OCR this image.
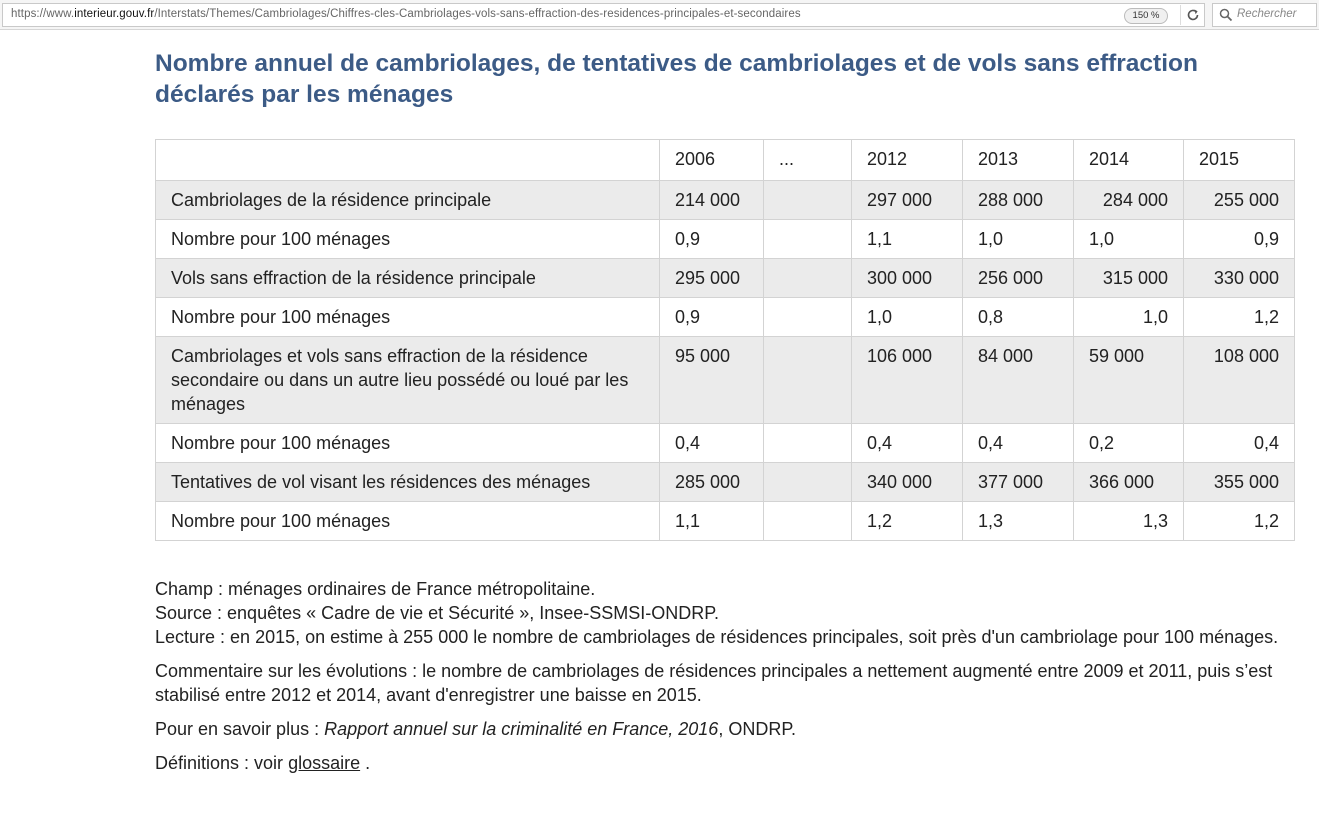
https://www.interieur.gouv.fr/Interstats/Themes/Cambriolages/Chiffres-cles-Cambriolages-vols-sans-effraction-des-residences-principales-et-secondaires	150 %	Rechercher
Nombre annuel de cambriolages, de tentatives de cambriolages et de vols sans effraction déclarés par les ménages
	2006	...	2012	2013	2014	2015
Cambriolages de la résidence principale	214 000		297 000	288 000	284 000	255 000
Nombre pour 100 ménages	0,9		1,1	1,0	1,0	0,9
Vols sans effraction de la résidence principale	295 000		300 000	256 000	315 000	330 000
Nombre pour 100 ménages	0,9		1,0	0,8	1,0	1,2
Cambriolages et vols sans effraction de la résidence secondaire ou dans un autre lieu possédé ou loué par les ménages	95 000		106 000	84 000	59 000	108 000
Nombre pour 100 ménages	0,4		0,4	0,4	0,2	0,4
Tentatives de vol visant les résidences des ménages	285 000		340 000	377 000	366 000	355 000
Nombre pour 100 ménages	1,1		1,2	1,3	1,3	1,2

Champ : ménages ordinaires de France métropolitaine.

Source : enquêtes « Cadre de vie et Sécurité », Insee-SSMSI-ONDRP.

Lecture : en 2015, on estime à 255 000 le nombre de cambriolages de résidences principales, soit près d'un cambriolage pour 100 ménages.

Commentaire sur les évolutions : le nombre de cambriolages de résidences principales a nettement augmenté entre 2009 et 2011, puis s’est stabilisé entre 2012 et 2014, avant d'enregistrer une baisse en 2015.

Pour en savoir plus : Rapport annuel sur la criminalité en France, 2016, ONDRP.

Définitions : voir glossaire .
